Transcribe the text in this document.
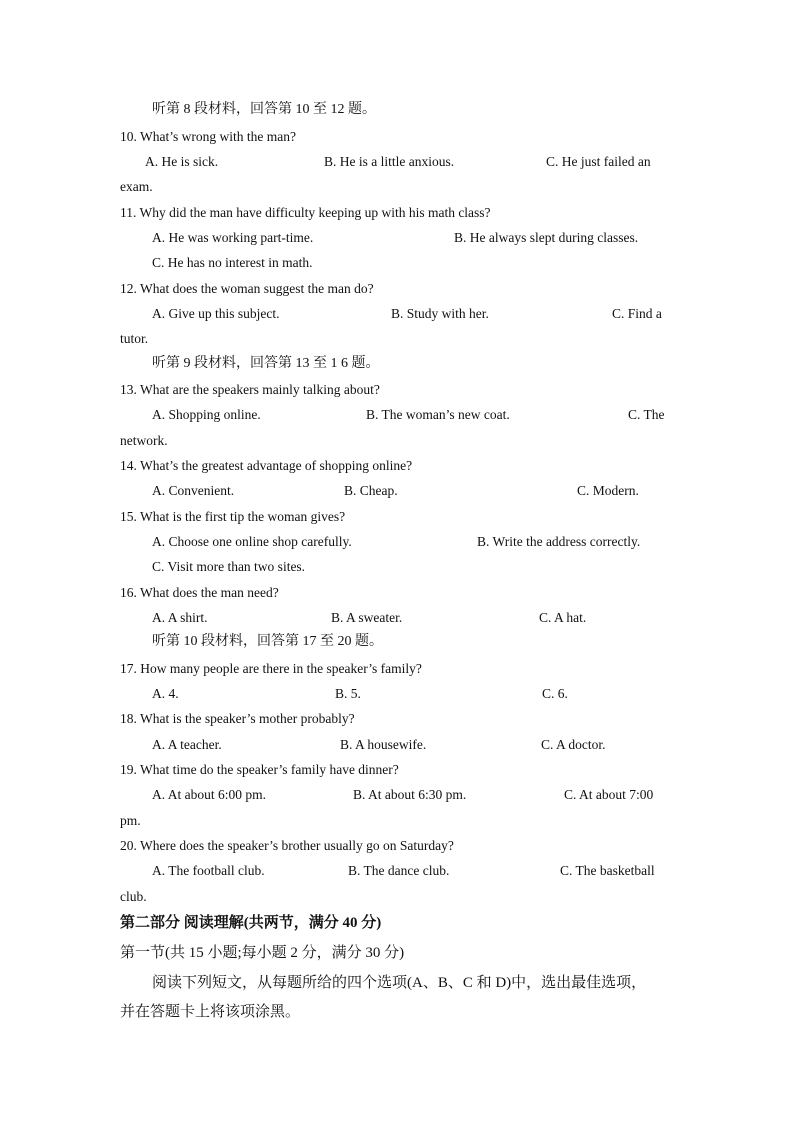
听第 8 段材料，回答第 10 至 12 题。
10. What’s wrong with the man?
A. He is sick.	B. He is a little anxious.	C. He just failed an
exam.
11. Why did the man have difficulty keeping up with his math class?
A. He was working part-time.	B. He always slept during classes.
C. He has no interest in math.
12. What does the woman suggest the man do?
A. Give up this subject.	B. Study with her.	C. Find a
tutor.
听第 9 段材料，回答第 13 至 1 6 题。
13. What are the speakers mainly talking about?
A. Shopping online.	B. The woman’s new coat.	C. The
network.
14. What’s the greatest advantage of shopping online?
A. Convenient.	B. Cheap.	C. Modern.
15. What is the first tip the woman gives?
A. Choose one online shop carefully.	B. Write the address correctly.
C. Visit more than two sites.
16. What does the man need?
A. A shirt.	B. A sweater.	C. A hat.
听第 10 段材料，回答第 17 至 20 题。
17. How many people are there in the speaker’s family?
A. 4.	B. 5.	C. 6.
18. What is the speaker’s mother probably?
A. A teacher.	B. A housewife.	C. A doctor.
19. What time do the speaker’s family have dinner?
A. At about 6:00 pm.	B. At about 6:30 pm.	C. At about 7:00
pm.
20. Where does the speaker’s brother usually go on Saturday?
A. The football club.	B. The dance club.	C. The basketball
club.
第二部分 阅读理解(共两节，满分 40 分)
第一节(共 15 小题;每小题 2 分，满分 30 分)
阅读下列短文，从每题所给的四个选项(A、B、C 和 D)中，选出最佳选项，
并在答题卡上将该项涂黑。
